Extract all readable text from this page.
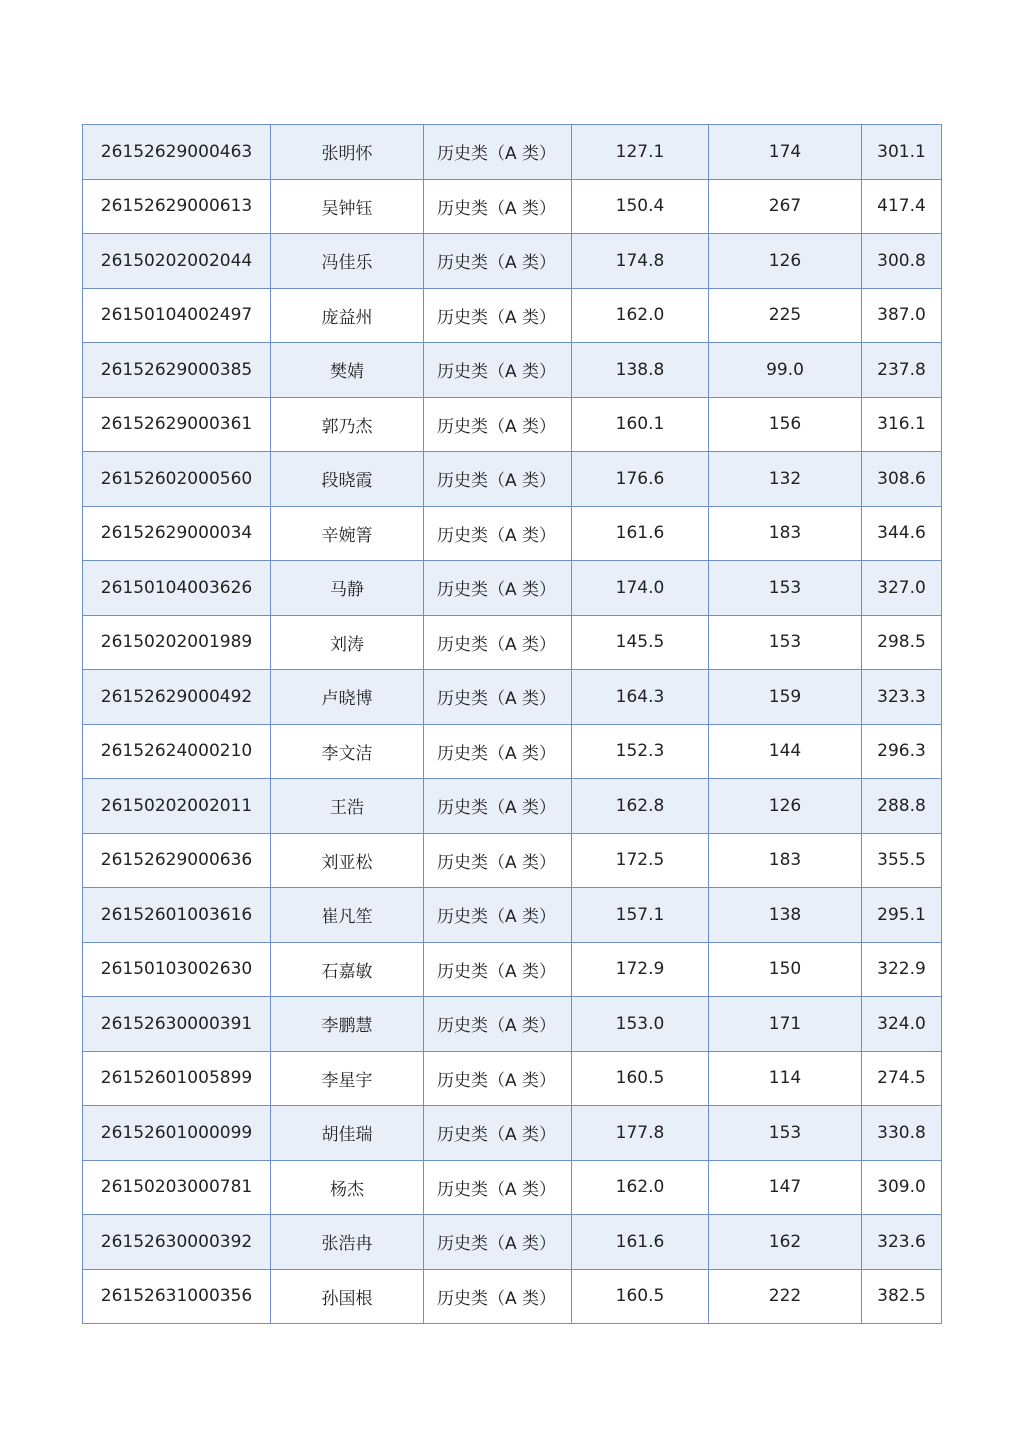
26152629000463	张明怀	历史类（A 类）	127.1	174	301.1
26152629000613	吴钟钰	历史类（A 类）	150.4	267	417.4
26150202002044	冯佳乐	历史类（A 类）	174.8	126	300.8
26150104002497	庞益州	历史类（A 类）	162.0	225	387.0
26152629000385	樊婧	历史类（A 类）	138.8	99.0	237.8
26152629000361	郭乃杰	历史类（A 类）	160.1	156	316.1
26152602000560	段晓霞	历史类（A 类）	176.6	132	308.6
26152629000034	辛婉箐	历史类（A 类）	161.6	183	344.6
26150104003626	马静	历史类（A 类）	174.0	153	327.0
26150202001989	刘涛	历史类（A 类）	145.5	153	298.5
26152629000492	卢晓博	历史类（A 类）	164.3	159	323.3
26152624000210	李文洁	历史类（A 类）	152.3	144	296.3
26150202002011	王浩	历史类（A 类）	162.8	126	288.8
26152629000636	刘亚松	历史类（A 类）	172.5	183	355.5
26152601003616	崔凡笙	历史类（A 类）	157.1	138	295.1
26150103002630	石嘉敏	历史类（A 类）	172.9	150	322.9
26152630000391	李鹏慧	历史类（A 类）	153.0	171	324.0
26152601005899	李星宇	历史类（A 类）	160.5	114	274.5
26152601000099	胡佳瑞	历史类（A 类）	177.8	153	330.8
26150203000781	杨杰	历史类（A 类）	162.0	147	309.0
26152630000392	张浩冉	历史类（A 类）	161.6	162	323.6
26152631000356	孙国根	历史类（A 类）	160.5	222	382.5
